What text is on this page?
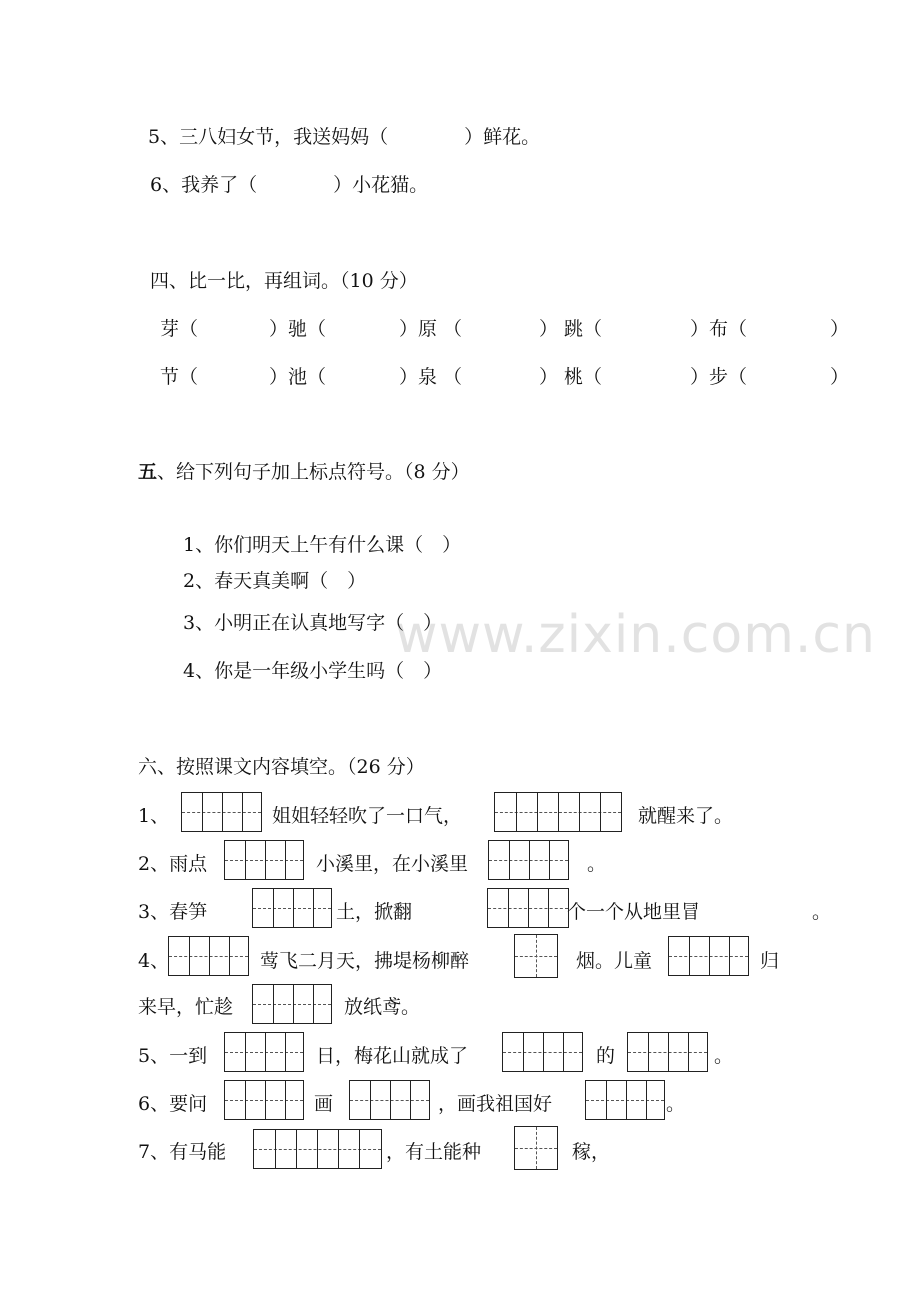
www.zixin.com.cn
5、三八妇女节，我送妈妈（　　　　）鲜花。
6、我养了（　　　　）小花猫。
四、比一比，再组词。（10 分）
芽（	）驰（	）原 （	） 跳（	）布（	）
节（	）池（	）泉 （	） 桃（	）步（	）
五、给下列句子加上标点符号。（8 分）
1、你们明天上午有什么课（　）
2、春天真美啊（　）
3、小明正在认真地写字（　）
4、你是一年级小学生吗（　）
六、按照课文内容填空。（26 分）
1、	姐姐轻轻吹了一口气，	就醒来了。
2、雨点	小溪里，在小溪里	。
3、春笋	土，掀翻	个一个从地里冒	。
4、	莺飞二月天，拂堤杨柳醉	烟。儿童	归
来早，忙趁	放纸鸢。
5、一到	日，梅花山就成了	的	。
6、要问	画	，画我祖国好	。
7、有马能	，有土能种	稼，
